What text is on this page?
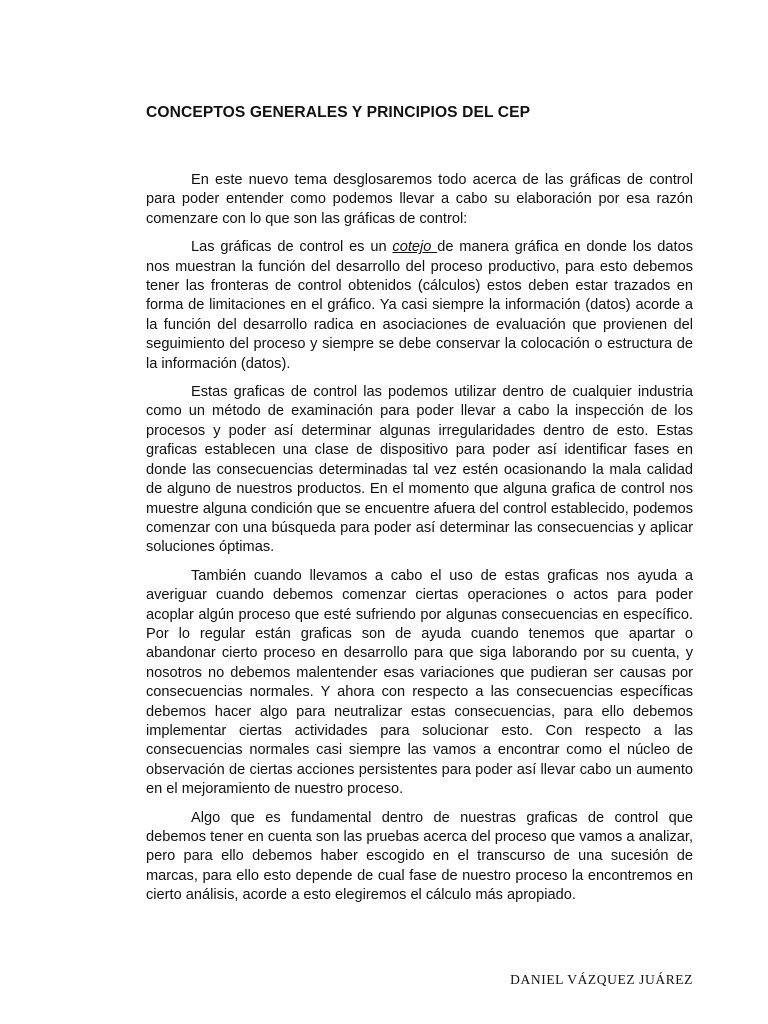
CONCEPTOS GENERALES Y PRINCIPIOS DEL CEP

En este nuevo tema desglosaremos todo acerca de las gráficas de control para poder entender como podemos llevar a cabo su elaboración por esa razón comenzare con lo que son las gráficas de control:

Las gráficas de control es un cotejo de manera gráfica en donde los datos nos muestran la función del desarrollo del proceso productivo, para esto debemos tener las fronteras de control obtenidos (cálculos) estos deben estar trazados en forma de limitaciones en el gráfico. Ya casi siempre la información (datos) acorde a la función del desarrollo radica en asociaciones de evaluación que provienen del seguimiento del proceso y siempre se debe conservar la colocación o estructura de la información (datos).

Estas graficas de control las podemos utilizar dentro de cualquier industria como un método de examinación para poder llevar a cabo la inspección de los procesos y poder así determinar algunas irregularidades dentro de esto. Estas graficas establecen una clase de dispositivo para poder así identificar fases en donde las consecuencias determinadas tal vez estén ocasionando la mala calidad de alguno de nuestros productos. En el momento que alguna grafica de control nos muestre alguna condición que se encuentre afuera del control establecido, podemos comenzar con una búsqueda para poder así determinar las consecuencias y aplicar soluciones óptimas.

También cuando llevamos a cabo el uso de estas graficas nos ayuda a averiguar cuando debemos comenzar ciertas operaciones o actos para poder acoplar algún proceso que esté sufriendo por algunas consecuencias en específico. Por lo regular están graficas son de ayuda cuando tenemos que apartar o abandonar cierto proceso en desarrollo para que siga laborando por su cuenta, y nosotros no debemos malentender esas variaciones que pudieran ser causas por consecuencias normales. Y ahora con respecto a las consecuencias específicas debemos hacer algo para neutralizar estas consecuencias, para ello debemos implementar ciertas actividades para solucionar esto. Con respecto a las consecuencias normales casi siempre las vamos a encontrar como el núcleo de observación de ciertas acciones persistentes para poder así llevar cabo un aumento en el mejoramiento de nuestro proceso.

Algo que es fundamental dentro de nuestras graficas de control que debemos tener en cuenta son las pruebas acerca del proceso que vamos a analizar, pero para ello debemos haber escogido en el transcurso de una sucesión de marcas, para ello esto depende de cual fase de nuestro proceso la encontremos en cierto análisis, acorde a esto elegiremos el cálculo más apropiado.

DANIEL VÁZQUEZ JUÁREZ
